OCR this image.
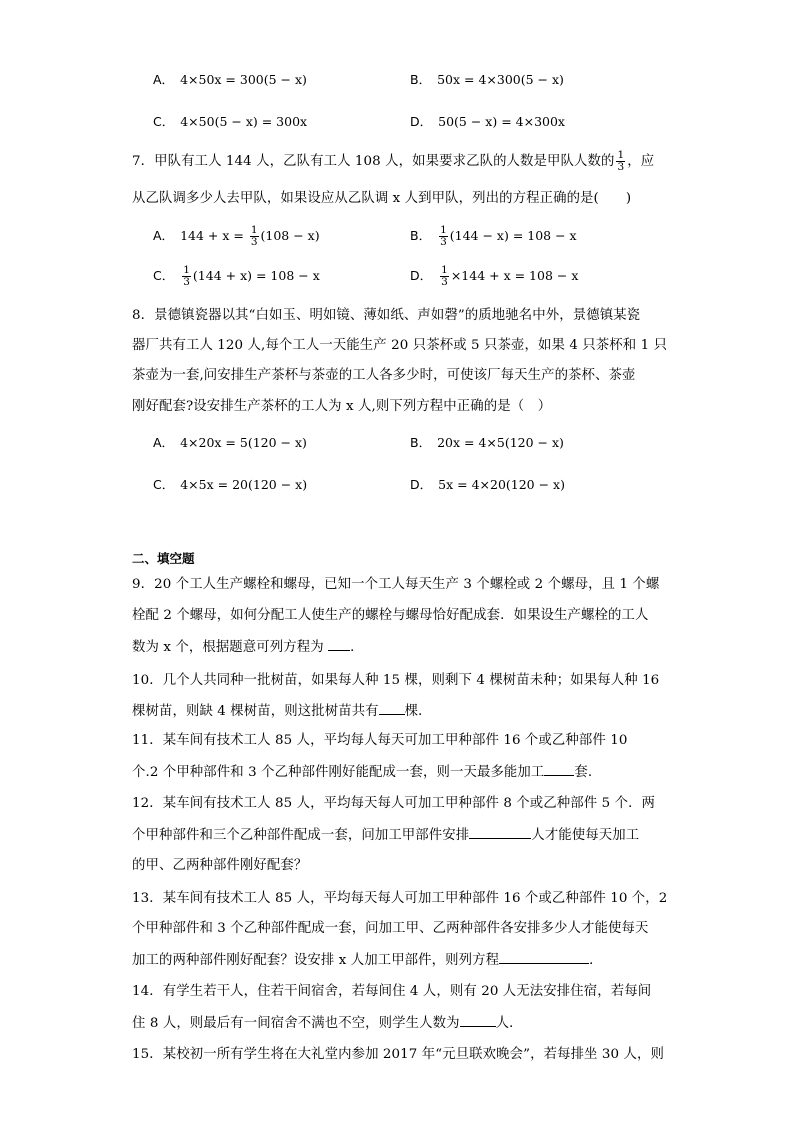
A． 4×50x = 300(5 − x)	B． 50x = 4×300(5 − x)
C． 4×50(5 − x) = 300x	D． 50(5 − x) = 4×300x
7．甲队有工人 144 人，乙队有工人 108 人，如果要求乙队的人数是甲队人数的 $\frac{1}{3}$ ，应
从乙队调多少人去甲队，如果设应从乙队调 x 人到甲队，列出的方程正确的是(　　)
A． $144 + x = \frac{1}{3} (108 - x)$	B． $\frac{1}{3} (144 - x) = 108 - x$
C． $\frac{1}{3} (144 + x) = 108 - x$	D． $\frac{1}{3} \times 144 + x = 108 - x$
8．景德镇瓷器以其“白如玉、明如镜、薄如纸、声如磬”的质地驰名中外，景德镇某瓷
器厂共有工人 120 人,每个工人一天能生产 20 只茶杯或 5 只茶壶，如果 4 只茶杯和 1 只
茶壶为一套,问安排生产茶杯与茶壶的工人各多少时，可使该厂每天生产的茶杯、茶壶
刚好配套?设安排生产茶杯的工人为 x 人,则下列方程中正确的是（　）
A． 4×20x = 5(120 − x)	B． 20x = 4×5(120 − x)
C． 4×5x = 20(120 − x)	D． 5x = 4×20(120 − x)
二、填空题
9．20 个工人生产螺栓和螺母，已知一个工人每天生产 3 个螺栓或 2 个螺母，且 1 个螺
栓配 2 个螺母，如何分配工人使生产的螺栓与螺母恰好配成套．如果设生产螺栓的工人
数为 x 个，根据题意可列方程为 ．
10．几个人共同种一批树苗，如果每人种 15 棵，则剩下 4 棵树苗未种；如果每人种 16
棵树苗，则缺 4 棵树苗，则这批树苗共有 棵．
11．某车间有技术工人 85 人，平均每人每天可加工甲种部件 16 个或乙种部件 10
个.2 个甲种部件和 3 个乙种部件刚好能配成一套，则一天最多能加工 套.
12．某车间有技术工人 85 人，平均每天每人可加工甲种部件 8 个或乙种部件 5 个．两
个甲种部件和三个乙种部件配成一套，问加工甲部件安排	人才能使每天加工
的甲、乙两种部件刚好配套？
13．某车间有技术工人 85 人，平均每天每人可加工甲种部件 16 个或乙种部件 10 个，2
个甲种部件和 3 个乙种部件配成一套，问加工甲、乙两种部件各安排多少人才能使每天
加工的两种部件刚好配套？设安排 x 人加工甲部件，则列方程	．
14．有学生若干人，住若干间宿舍，若每间住 4 人，则有 20 人无法安排住宿，若每间
住 8 人，则最后有一间宿舍不满也不空，则学生人数为	人．
15．某校初一所有学生将在大礼堂内参加 2017 年“元旦联欢晚会”，若每排坐 30 人，则
